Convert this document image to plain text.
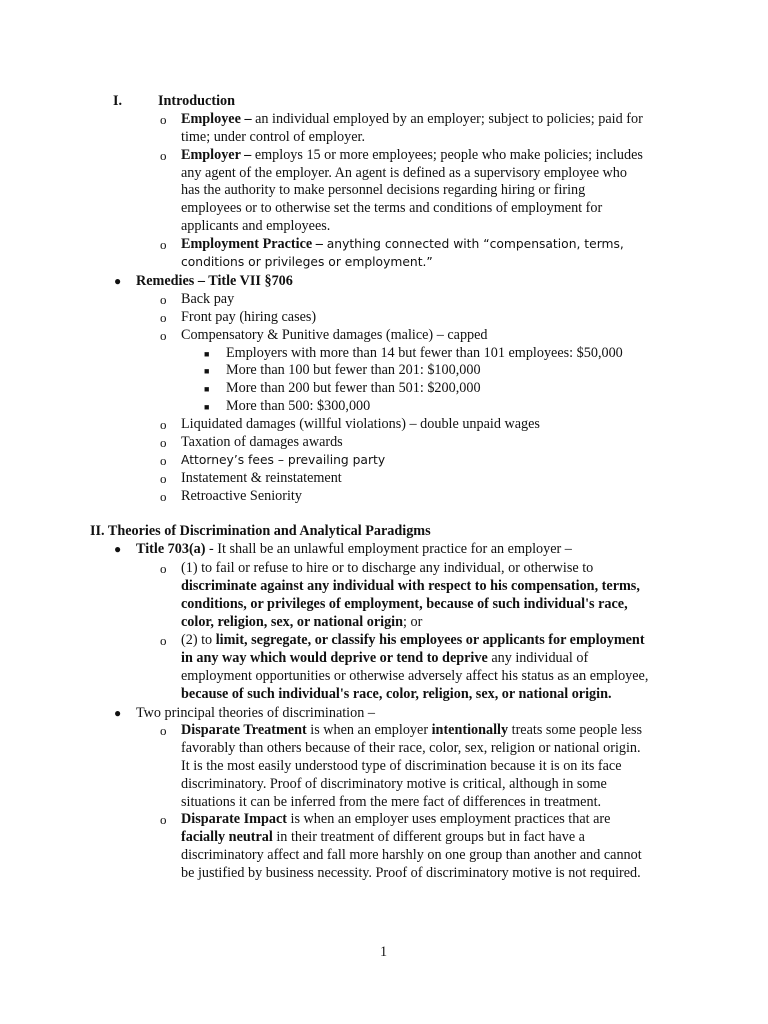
I.	Introduction
o Employee – an individual employed by an employer; subject to policies; paid for
time; under control of employer.
o Employer – employs 15 or more employees; people who make policies; includes
any agent of the employer. An agent is defined as a supervisory employee who
has the authority to make personnel decisions regarding hiring or firing
employees or to otherwise set the terms and conditions of employment for
applicants and employees.
o Employment Practice – anything connected with “compensation, terms,
conditions or privileges or employment.”
● Remedies – Title VII §706
o Back pay
o Front pay (hiring cases)
o Compensatory & Punitive damages (malice) – capped
■ Employers with more than 14 but fewer than 101 employees: $50,000
■ More than 100 but fewer than 201: $100,000
■ More than 200 but fewer than 501: $200,000
■ More than 500: $300,000
o Liquidated damages (willful violations) – double unpaid wages
o Taxation of damages awards
o Attorney’s fees – prevailing party
o Instatement & reinstatement
o Retroactive Seniority
II. Theories of Discrimination and Analytical Paradigms
● Title 703(a) - It shall be an unlawful employment practice for an employer –
o (1) to fail or refuse to hire or to discharge any individual, or otherwise to
discriminate against any individual with respect to his compensation, terms,
conditions, or privileges of employment, because of such individual's race,
color, religion, sex, or national origin; or
o (2) to limit, segregate, or classify his employees or applicants for employment
in any way which would deprive or tend to deprive any individual of
employment opportunities or otherwise adversely affect his status as an employee,
because of such individual's race, color, religion, sex, or national origin.
● Two principal theories of discrimination –
o Disparate Treatment is when an employer intentionally treats some people less
favorably than others because of their race, color, sex, religion or national origin.
It is the most easily understood type of discrimination because it is on its face
discriminatory. Proof of discriminatory motive is critical, although in some
situations it can be inferred from the mere fact of differences in treatment.
o Disparate Impact is when an employer uses employment practices that are
facially neutral in their treatment of different groups but in fact have a
discriminatory affect and fall more harshly on one group than another and cannot
be justified by business necessity. Proof of discriminatory motive is not required.
1
